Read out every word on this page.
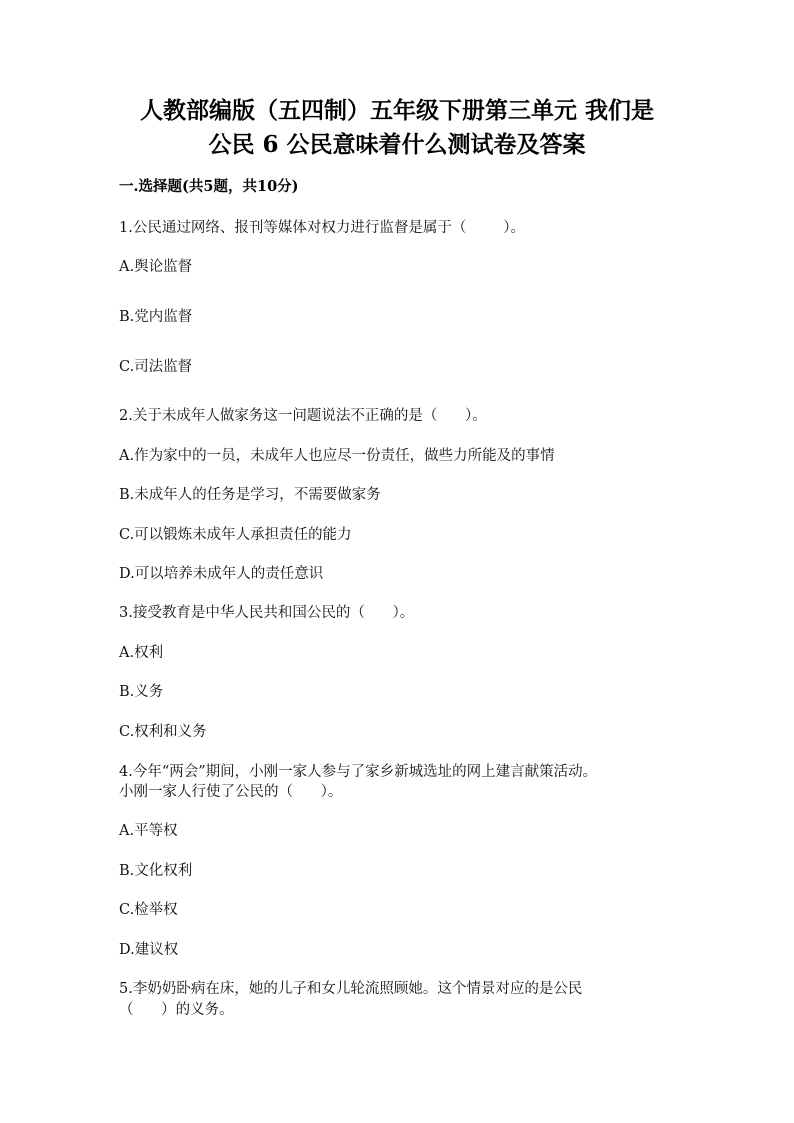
人教部编版（五四制）五年级下册第三单元 我们是
公民 6 公民意味着什么测试卷及答案

一.选择题(共5题，共10分)

1.公民通过网络、报刊等媒体对权力进行监督是属于（        ）。

A.舆论监督

B.党内监督

C.司法监督

2.关于未成年人做家务这一问题说法不正确的是（      ）。

A.作为家中的一员，未成年人也应尽一份责任，做些力所能及的事情

B.未成年人的任务是学习，不需要做家务

C.可以锻炼未成年人承担责任的能力

D.可以培养未成年人的责任意识

3.接受教育是中华人民共和国公民的（      ）。

A.权利

B.义务

C.权利和义务

4.今年“两会”期间，小刚一家人参与了家乡新城选址的网上建言献策活动。

小刚一家人行使了公民的（      ）。

A.平等权

B.文化权利

C.检举权

D.建议权

5.李奶奶卧病在床，她的儿子和女儿轮流照顾她。这个情景对应的是公民

（      ）的义务。
